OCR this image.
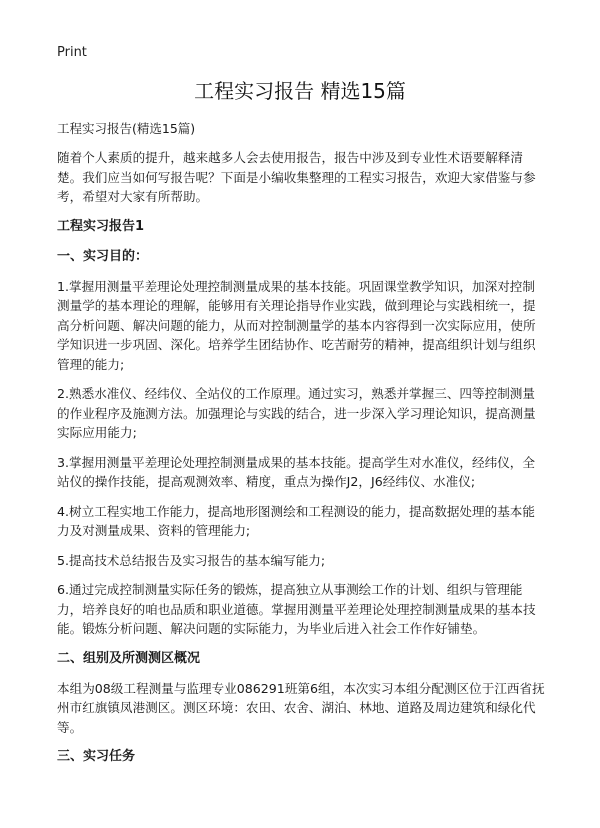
Print
工程实习报告 精选15篇
工程实习报告(精选15篇)

随着个人素质的提升，越来越多人会去使用报告，报告中涉及到专业性术语要解释清楚。我们应当如何写报告呢？下面是小编收集整理的工程实习报告，欢迎大家借鉴与参考，希望对大家有所帮助。

工程实习报告1
一、实习目的：

1.掌握用测量平差理论处理控制测量成果的基本技能。巩固课堂教学知识，加深对控制测量学的基本理论的理解，能够用有关理论指导作业实践，做到理论与实践相统一，提高分析问题、解决问题的能力，从而对控制测量学的基本内容得到一次实际应用，使所学知识进一步巩固、深化。培养学生团结协作、吃苦耐劳的精神，提高组织计划与组织管理的能力;

2.熟悉水准仪、经纬仪、全站仪的工作原理。通过实习，熟悉并掌握三、四等控制测量的作业程序及施测方法。加强理论与实践的结合，进一步深入学习理论知识，提高测量实际应用能力;

3.掌握用测量平差理论处理控制测量成果的基本技能。提高学生对水准仪，经纬仪，全站仪的操作技能，提高观测效率、精度，重点为操作J2，J6经纬仪、水准仪;

4.树立工程实地工作能力，提高地形图测绘和工程测设的能力，提高数据处理的基本能力及对测量成果、资料的管理能力;

5.提高技术总结报告及实习报告的基本编写能力;

6.通过完成控制测量实际任务的锻炼，提高独立从事测绘工作的计划、组织与管理能力，培养良好的咱也品质和职业道德。掌握用测量平差理论处理控制测量成果的基本技能。锻炼分析问题、解决问题的实际能力，为毕业后进入社会工作作好铺垫。

二、组别及所测测区概况

本组为08级工程测量与监理专业086291班第6组，本次实习本组分配测区位于江西省抚州市红旗镇凤港测区。测区环境：农田、农舍、湖泊、林地、道路及周边建筑和绿化代等。

三、实习任务
